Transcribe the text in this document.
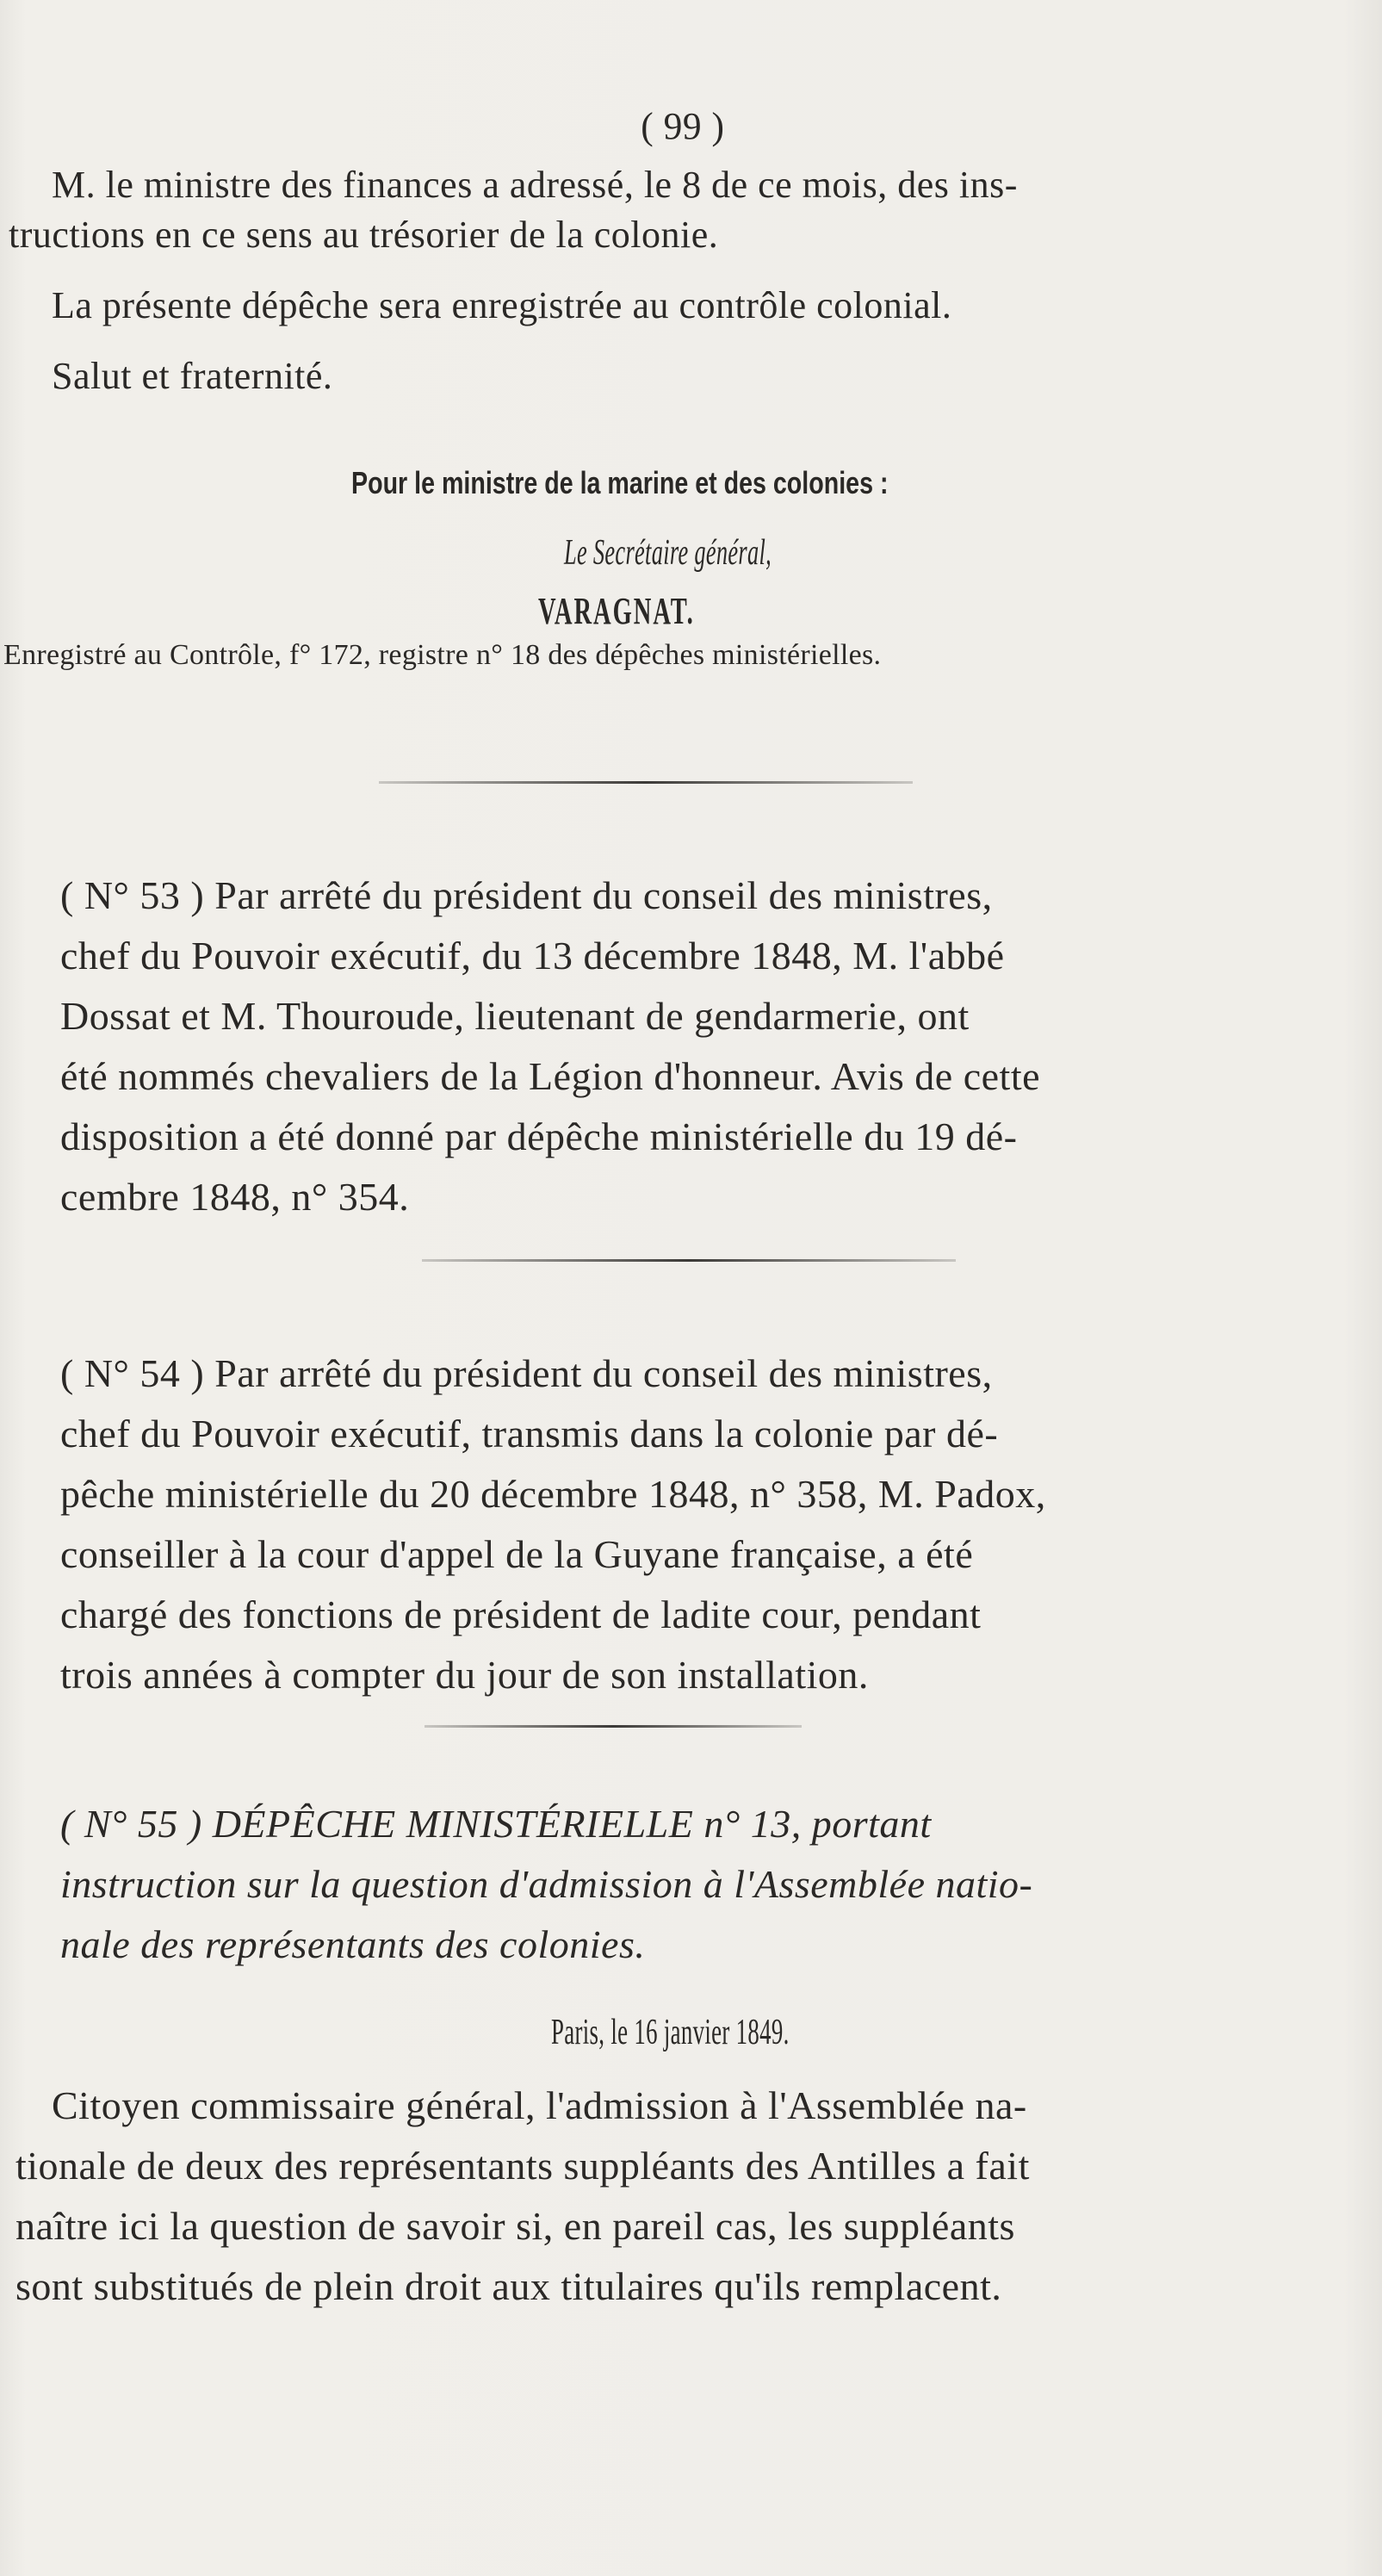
( 99 )
M. le ministre des finances a adressé, le 8 de ce mois, des ins-
tructions en ce sens au trésorier de la colonie.
La présente dépêche sera enregistrée au contrôle colonial.
Salut et fraternité.
Pour le ministre de la marine et des colonies :
Le Secrétaire général,
VARAGNAT.
Enregistré au Contrôle, f° 172, registre n° 18 des dépêches ministérielles.
( N° 53 ) Par arrêté du président du conseil des ministres,
chef du Pouvoir exécutif, du 13 décembre 1848, M. l'abbé
Dossat et M. Thouroude, lieutenant de gendarmerie, ont
été nommés chevaliers de la Légion d'honneur. Avis de cette
disposition a été donné par dépêche ministérielle du 19 dé-
cembre 1848, n° 354.
( N° 54 ) Par arrêté du président du conseil des ministres,
chef du Pouvoir exécutif, transmis dans la colonie par dé-
pêche ministérielle du 20 décembre 1848, n° 358, M. Padox,
conseiller à la cour d'appel de la Guyane française, a été
chargé des fonctions de président de ladite cour, pendant
trois années à compter du jour de son installation.
( N° 55 ) DÉPÊCHE MINISTÉRIELLE n° 13, portant
instruction sur la question d'admission à l'Assemblée natio-
nale des représentants des colonies.
Paris, le 16 janvier 1849.
Citoyen commissaire général, l'admission à l'Assemblée na-
tionale de deux des représentants suppléants des Antilles a fait
naître ici la question de savoir si, en pareil cas, les suppléants
sont substitués de plein droit aux titulaires qu'ils remplacent.
